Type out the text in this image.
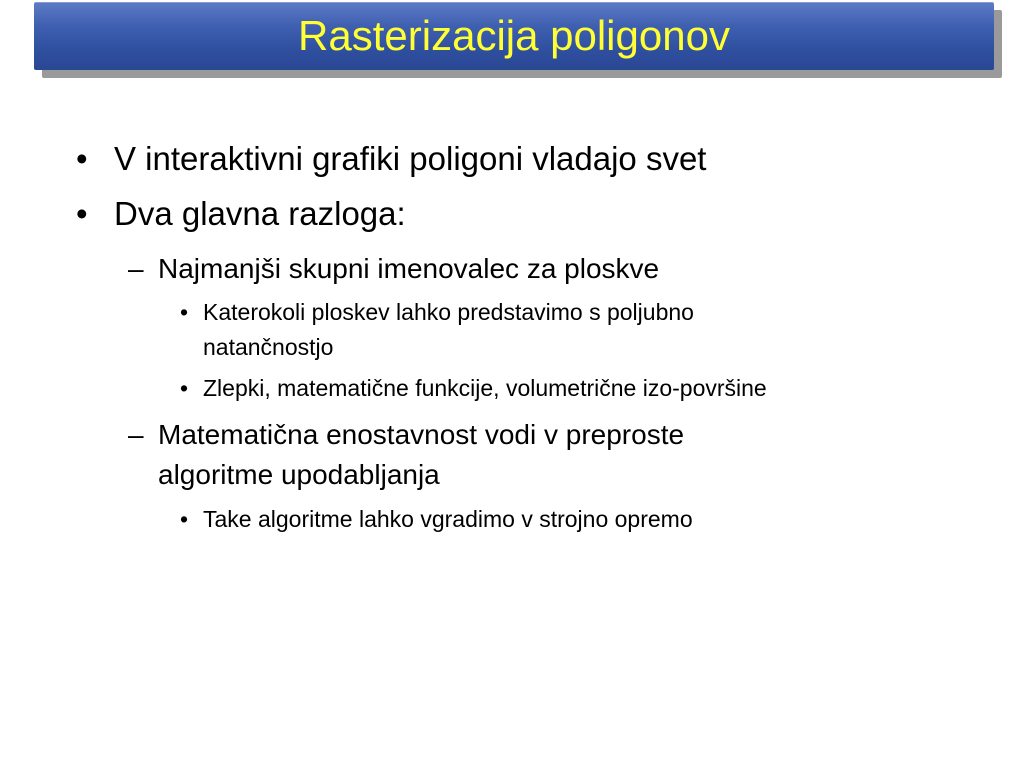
Rasterizacija poligonov
• V interaktivni grafiki poligoni vladajo svet
• Dva glavna razloga:
– Najmanjši skupni imenovalec za ploskve
• Katerokoli ploskev lahko predstavimo s poljubno
natančnostjo
• Zlepki, matematične funkcije, volumetrične izo-površine
– Matematična enostavnost vodi v preproste
algoritme upodabljanja
• Take algoritme lahko vgradimo v strojno opremo
